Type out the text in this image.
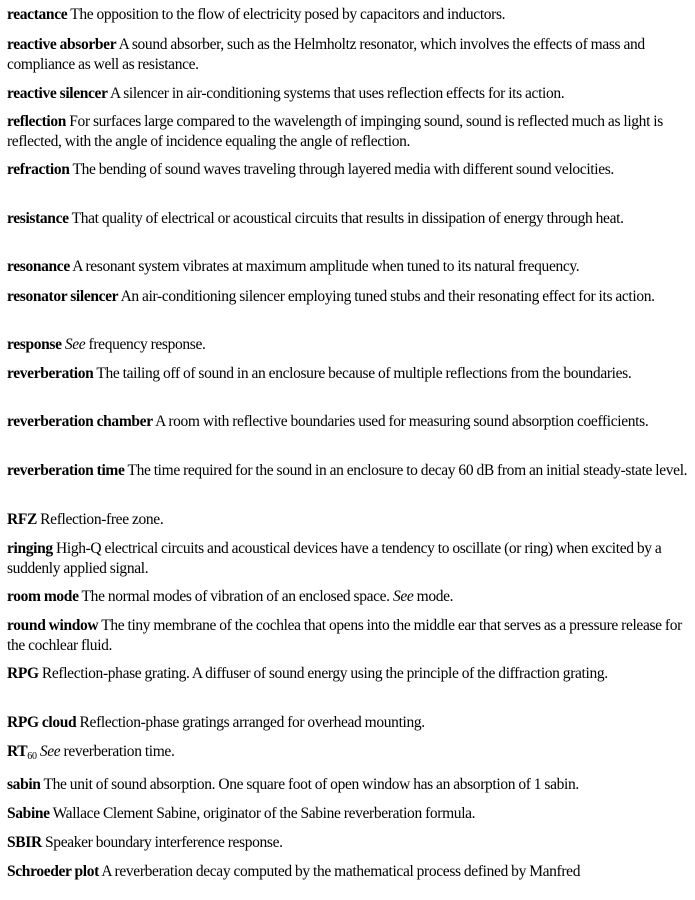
reactance The opposition to the flow of electricity posed by capacitors and inductors.

reactive absorber A sound absorber, such as the Helmholtz resonator, which involves the effects of mass and compliance as well as resistance.

reactive silencer A silencer in air-conditioning systems that uses reflection effects for its action.

reflection For surfaces large compared to the wavelength of impinging sound, sound is reflected much as light is reflected, with the angle of incidence equaling the angle of reflection.

refraction The bending of sound waves traveling through layered media with different sound velocities.

resistance That quality of electrical or acoustical circuits that results in dissipation of energy through heat.

resonance A resonant system vibrates at maximum amplitude when tuned to its natural frequency.

resonator silencer An air-conditioning silencer employing tuned stubs and their resonating effect for its action.

response See frequency response.

reverberation The tailing off of sound in an enclosure because of multiple reflections from the boundaries.

reverberation chamber A room with reflective boundaries used for measuring sound absorption coefficients.

reverberation time The time required for the sound in an enclosure to decay 60 dB from an initial steady-state level.

RFZ Reflection-free zone.

ringing High-Q electrical circuits and acoustical devices have a tendency to oscillate (or ring) when excited by a suddenly applied signal.

room mode The normal modes of vibration of an enclosed space. See mode.

round window The tiny membrane of the cochlea that opens into the middle ear that serves as a pressure release for the cochlear fluid.

RPG Reflection-phase grating. A diffuser of sound energy using the principle of the diffraction grating.

RPG cloud Reflection-phase gratings arranged for overhead mounting.

$RT_{60}$ See reverberation time.

sabin The unit of sound absorption. One square foot of open window has an absorption of 1 sabin.

Sabine Wallace Clement Sabine, originator of the Sabine reverberation formula.

SBIR Speaker boundary interference response.

Schroeder plot A reverberation decay computed by the mathematical process defined by Manfred
